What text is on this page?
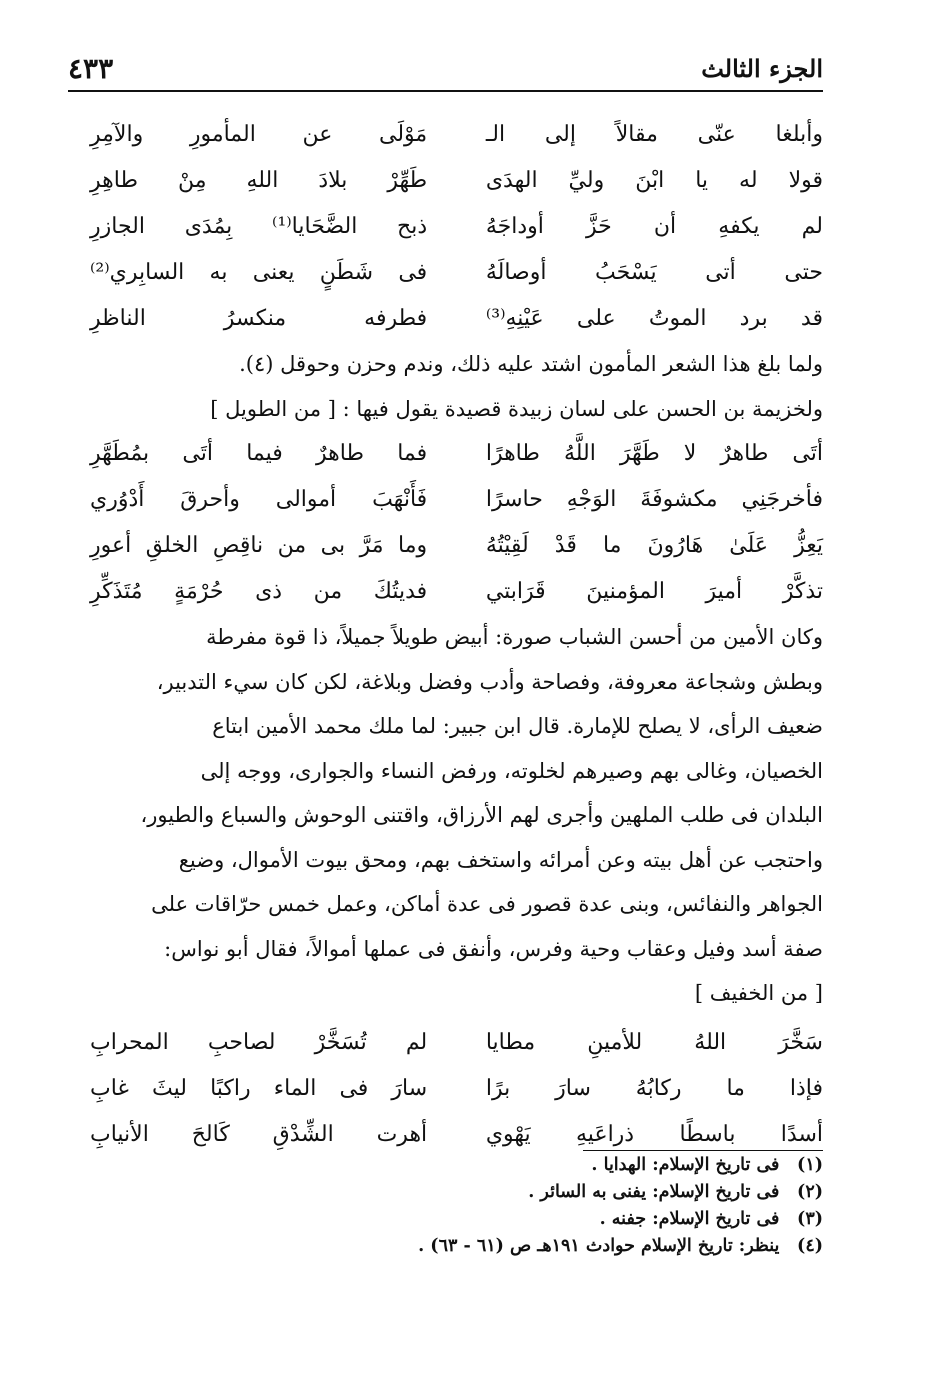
الجزء الثالث
٤٣٣
وأبلغا عنّى مقالاً إلى الـ
مَوْلَى عن المأمورِ والآمِرِ
قولا له يا ابْنَ وليِّ الهدَى
طَهِّرْ بلادَ اللهِ مِنْ طاهِرِ
لم يكفهِ أن حَزَّ أوداجَهُ
ذبح الضَّحَايا⁽¹⁾ بِمُدَى الجازرِ
حتى أتى يَسْحَبُ أوصالَهُ
فى شَطَنٍ يعنى به السابِري⁽²⁾
قد برد الموتُ على عَيْنِهِ⁽³⁾
فطرفه منكسرُ الناظرِ

ولما بلغ هذا الشعر المأمون اشتد عليه ذلك، وندم وحزن وحوقل (٤).

ولخزيمة بن الحسن على لسان زبيدة قصيدة يقول فيها : [ من الطويل ]

أتَى طاهرٌ لا طَهَّرَ اللَّهُ طاهرًا
فما طاهرٌ فيما أتَى بمُطَهَّرِ
فأخرجَنِي مكشوفَةَ الوَجْهِ حاسرًا
فَأَنْهَبَ أموالى وأحرقَ أَدْوُري
يَعِزُّ عَلَىٰ هَارُونَ ما قَدْ لَقِيْتُهُ
وما مَرَّ بى من ناقِصِ الخلقِ أعورِ
تذكَّرْ أميرَ المؤمنينَ قَرَابتي
فديتُكَ من ذى حُرْمَةٍ مُتَذَكِّرِ

وكان الأمين من أحسن الشباب صورة: أبيض طويلاً جميلاً، ذا قوة مفرطة

وبطش وشجاعة معروفة، وفصاحة وأدب وفضل وبلاغة، لكن كان سيء التدبير،

ضعيف الرأى، لا يصلح للإمارة. قال ابن جبير: لما ملك محمد الأمين ابتاع

الخصيان، وغالى بهم وصيرهم لخلوته، ورفض النساء والجوارى، ووجه إلى

البلدان فى طلب الملهين وأجرى لهم الأرزاق، واقتنى الوحوش والسباع والطيور،

واحتجب عن أهل بيته وعن أمرائه واستخف بهم، ومحق بيوت الأموال، وضيع

الجواهر والنفائس، وبنى عدة قصور فى عدة أماكن، وعمل خمس حرّاقات على

صفة أسد وفيل وعقاب وحية وفرس، وأنفق فى عملها أموالاً، فقال أبو نواس:

[ من الخفيف ]

سَخَّرَ اللهُ للأمينِ مطايا
لم تُسَخَّرْ لصاحبِ المحرابِ
فإذا ما ركابُهُ سارَ برًا
سارَ فى الماء راكبًا ليثَ غابِ
أسدًا باسطًا ذراعَيهِ يَهْوي
أهرت الشِّدْقِ كَالحَ الأنيابِ
(١) فى تاريخ الإسلام: الهدايا .
(٢) فى تاريخ الإسلام: يفنى به السائر .
(٣) فى تاريخ الإسلام: جفنه .
(٤) ينظر: تاريخ الإسلام حوادث ١٩١هـ ص (٦١ - ٦٣) .
